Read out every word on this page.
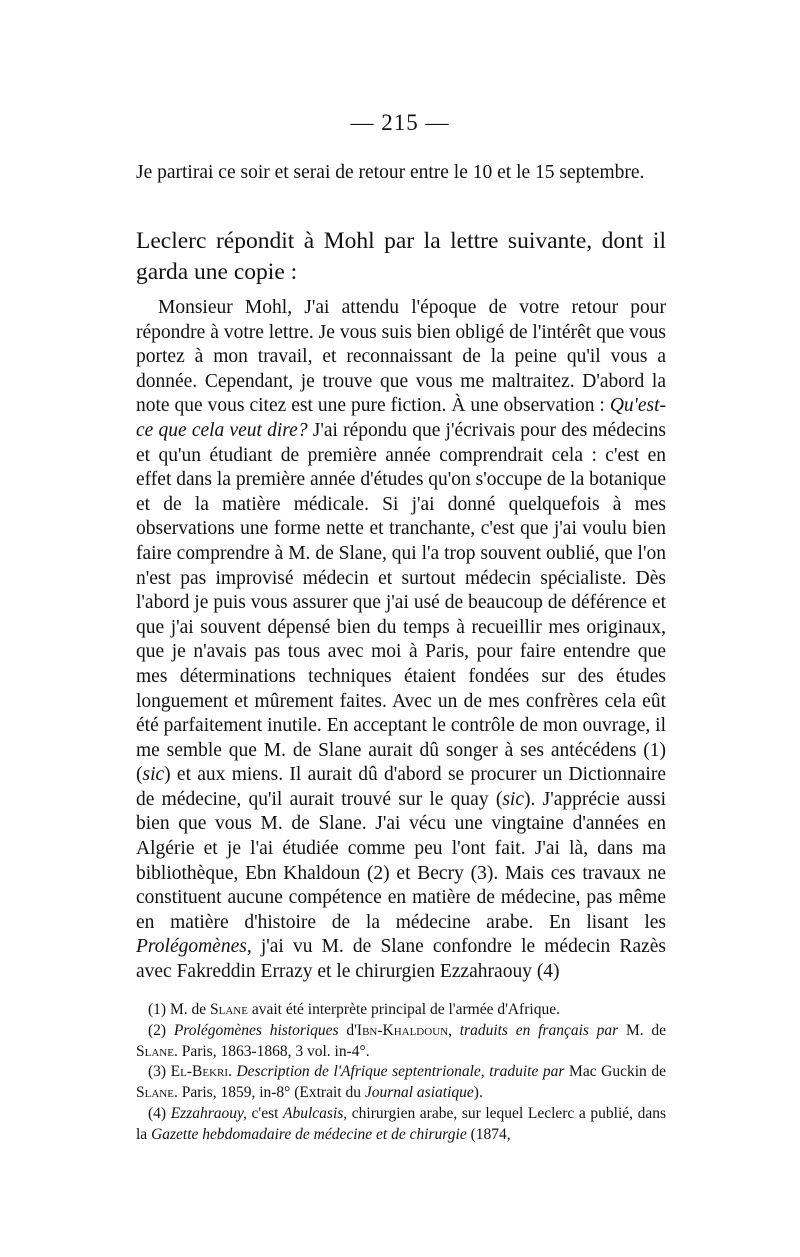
— 215 —
Je partirai ce soir et serai de retour entre le 10 et le 15 septembre.
Leclerc répondit à Mohl par la lettre suivante, dont il garda une copie :

Monsieur Mohl, J'ai attendu l'époque de votre retour pour répondre à votre lettre. Je vous suis bien obligé de l'intérêt que vous portez à mon travail, et reconnaissant de la peine qu'il vous a donnée. Cependant, je trouve que vous me maltraitez. D'abord la note que vous citez est une pure fiction. À une observation : Qu'est-ce que cela veut dire? J'ai répondu que j'écrivais pour des médecins et qu'un étudiant de première année comprendrait cela : c'est en effet dans la première année d'études qu'on s'occupe de la botanique et de la matière médicale. Si j'ai donné quelquefois à mes observations une forme nette et tranchante, c'est que j'ai voulu bien faire comprendre à M. de Slane, qui l'a trop souvent oublié, que l'on n'est pas improvisé médecin et surtout médecin spécialiste. Dès l'abord je puis vous assurer que j'ai usé de beaucoup de déférence et que j'ai souvent dépensé bien du temps à recueillir mes originaux, que je n'avais pas tous avec moi à Paris, pour faire entendre que mes déterminations techniques étaient fondées sur des études longuement et mûrement faites. Avec un de mes confrères cela eût été parfaitement inutile. En acceptant le contrôle de mon ouvrage, il me semble que M. de Slane aurait dû songer à ses antécédens (1) (sic) et aux miens. Il aurait dû d'abord se procurer un Dictionnaire de médecine, qu'il aurait trouvé sur le quay (sic). J'apprécie aussi bien que vous M. de Slane. J'ai vécu une vingtaine d'années en Algérie et je l'ai étudiée comme peu l'ont fait. J'ai là, dans ma bibliothèque, Ebn Khaldoun (2) et Becry (3). Mais ces travaux ne constituent aucune compétence en matière de médecine, pas même en matière d'histoire de la médecine arabe. En lisant les Prolégomènes, j'ai vu M. de Slane confondre le médecin Razès avec Fakreddin Errazy et le chirurgien Ezzahraouy (4)

(1) M. de Slane avait été interprète principal de l'armée d'Afrique.

(2) Prolégomènes historiques d'Ibn-Khaldoun, traduits en français par M. de Slane. Paris, 1863-1868, 3 vol. in-4°.

(3) El-Bekri. Description de l'Afrique septentrionale, traduite par Mac Guckin de Slane. Paris, 1859, in-8° (Extrait du Journal asiatique).

(4) Ezzahraouy, c'est Abulcasis, chirurgien arabe, sur lequel Leclerc a publié, dans la Gazette hebdomadaire de médecine et de chirurgie (1874,
